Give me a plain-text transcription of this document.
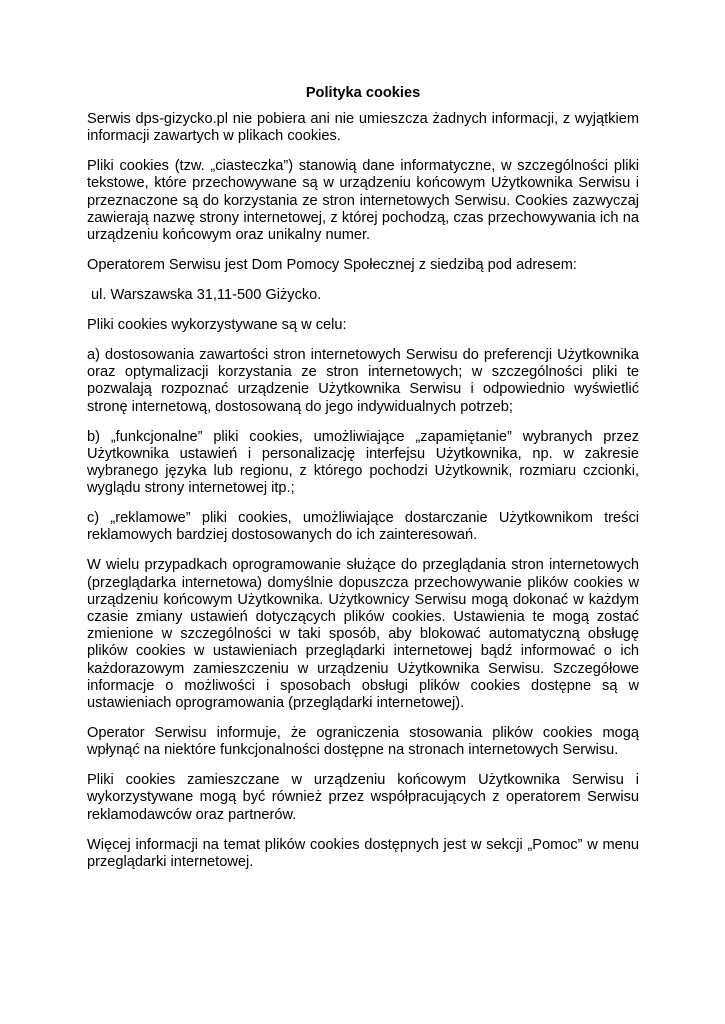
Polityka cookies

Serwis dps-gizycko.pl nie pobiera ani nie umieszcza żadnych informacji, z wyjątkiem informacji zawartych w plikach cookies.

Pliki cookies (tzw. „ciasteczka”) stanowią dane informatyczne, w szczególności pliki tekstowe, które przechowywane są w urządzeniu końcowym Użytkownika Serwisu i przeznaczone są do korzystania ze stron internetowych Serwisu. Cookies zazwyczaj zawierają nazwę strony internetowej, z której pochodzą, czas przechowywania ich na urządzeniu końcowym oraz unikalny numer.

Operatorem Serwisu jest Dom Pomocy Społecznej z siedzibą pod adresem:

ul. Warszawska 31,11-500 Giżycko.

Pliki cookies wykorzystywane są w celu:

a) dostosowania zawartości stron internetowych Serwisu do preferencji Użytkownika oraz optymalizacji korzystania ze stron internetowych; w szczególności pliki te pozwalają rozpoznać urządzenie Użytkownika Serwisu i odpowiednio wyświetlić stronę internetową, dostosowaną do jego indywidualnych potrzeb;

b) „funkcjonalne” pliki cookies, umożliwiające „zapamiętanie” wybranych przez Użytkownika ustawień i personalizację interfejsu Użytkownika, np. w zakresie wybranego języka lub regionu, z którego pochodzi Użytkownik, rozmiaru czcionki, wyglądu strony internetowej itp.;

c) „reklamowe” pliki cookies, umożliwiające dostarczanie Użytkownikom treści reklamowych bardziej dostosowanych do ich zainteresowań.

W wielu przypadkach oprogramowanie służące do przeglądania stron internetowych (przeglądarka internetowa) domyślnie dopuszcza przechowywanie plików cookies w urządzeniu końcowym Użytkownika. Użytkownicy Serwisu mogą dokonać w każdym czasie zmiany ustawień dotyczących plików cookies. Ustawienia te mogą zostać zmienione w szczególności w taki sposób, aby blokować automatyczną obsługę plików cookies w ustawieniach przeglądarki internetowej bądź informować o ich każdorazowym zamieszczeniu w urządzeniu Użytkownika Serwisu. Szczegółowe informacje o możliwości i sposobach obsługi plików cookies dostępne są w ustawieniach oprogramowania (przeglądarki internetowej).

Operator Serwisu informuje, że ograniczenia stosowania plików cookies mogą wpłynąć na niektóre funkcjonalności dostępne na stronach internetowych Serwisu.

Pliki cookies zamieszczane w urządzeniu końcowym Użytkownika Serwisu i wykorzystywane mogą być również przez współpracujących z operatorem Serwisu reklamodawców oraz partnerów.

Więcej informacji na temat plików cookies dostępnych jest w sekcji „Pomoc” w menu przeglądarki internetowej.
